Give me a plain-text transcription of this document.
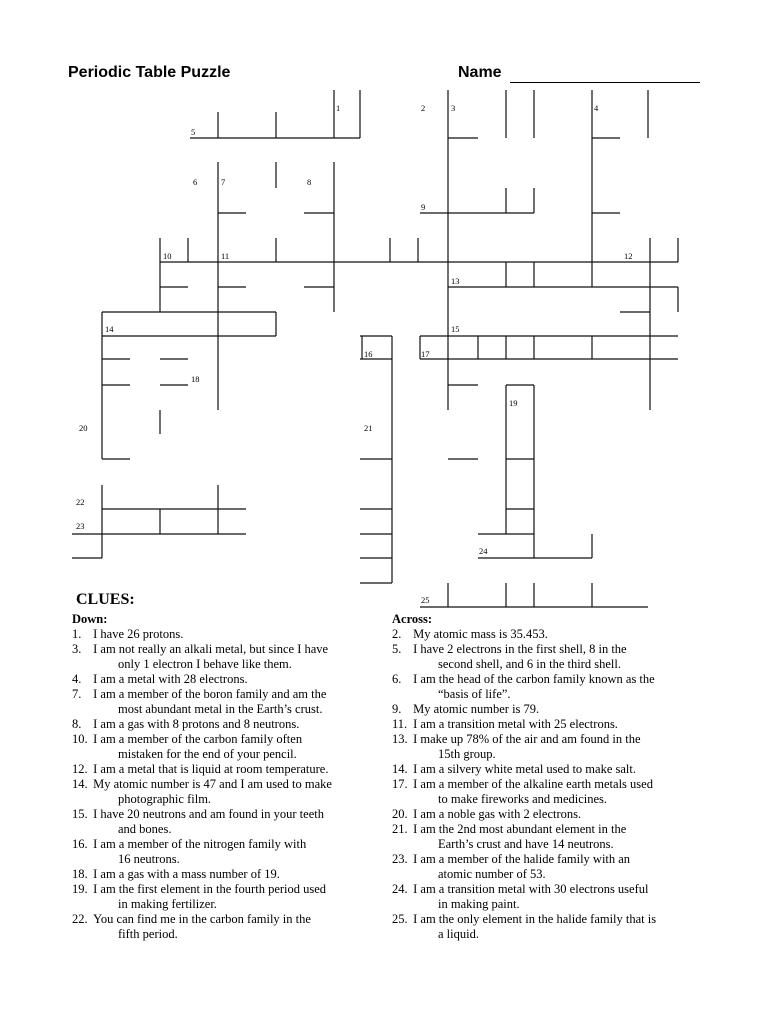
Periodic Table Puzzle	Name
1	2	3	4
5
6	7	8
9
10	11	12
13
14	15
16	17
18
19
20	21
22
23
24
25
CLUES:
Down:
1. I have 26 protons.
3. I am not really an alkali metal, but since I have
only 1 electron I behave like them.
4. I am a metal with 28 electrons.
7. I am a member of the boron family and am the
most abundant metal in the Earth’s crust.
8. I am a gas with 8 protons and 8 neutrons.
10. I am a member of the carbon family often
mistaken for the end of your pencil.
12. I am a metal that is liquid at room temperature.
14. My atomic number is 47 and I am used to make
photographic film.
15. I have 20 neutrons and am found in your teeth
and bones.
16. I am a member of the nitrogen family with
16 neutrons.
18. I am a gas with a mass number of 19.
19. I am the first element in the fourth period used
in making fertilizer.
22. You can find me in the carbon family in the
fifth period.
Across:
2. My atomic mass is 35.453.
5. I have 2 electrons in the first shell, 8 in the
second shell, and 6 in the third shell.
6. I am the head of the carbon family known as the
“basis of life”.
9. My atomic number is 79.
11. I am a transition metal with 25 electrons.
13. I make up 78% of the air and am found in the
15th group.
14. I am a silvery white metal used to make salt.
17. I am a member of the alkaline earth metals used
to make fireworks and medicines.
20. I am a noble gas with 2 electrons.
21. I am the 2nd most abundant element in the
Earth’s crust and have 14 neutrons.
23. I am a member of the halide family with an
atomic number of 53.
24. I am a transition metal with 30 electrons useful
in making paint.
25. I am the only element in the halide family that is
a liquid.
